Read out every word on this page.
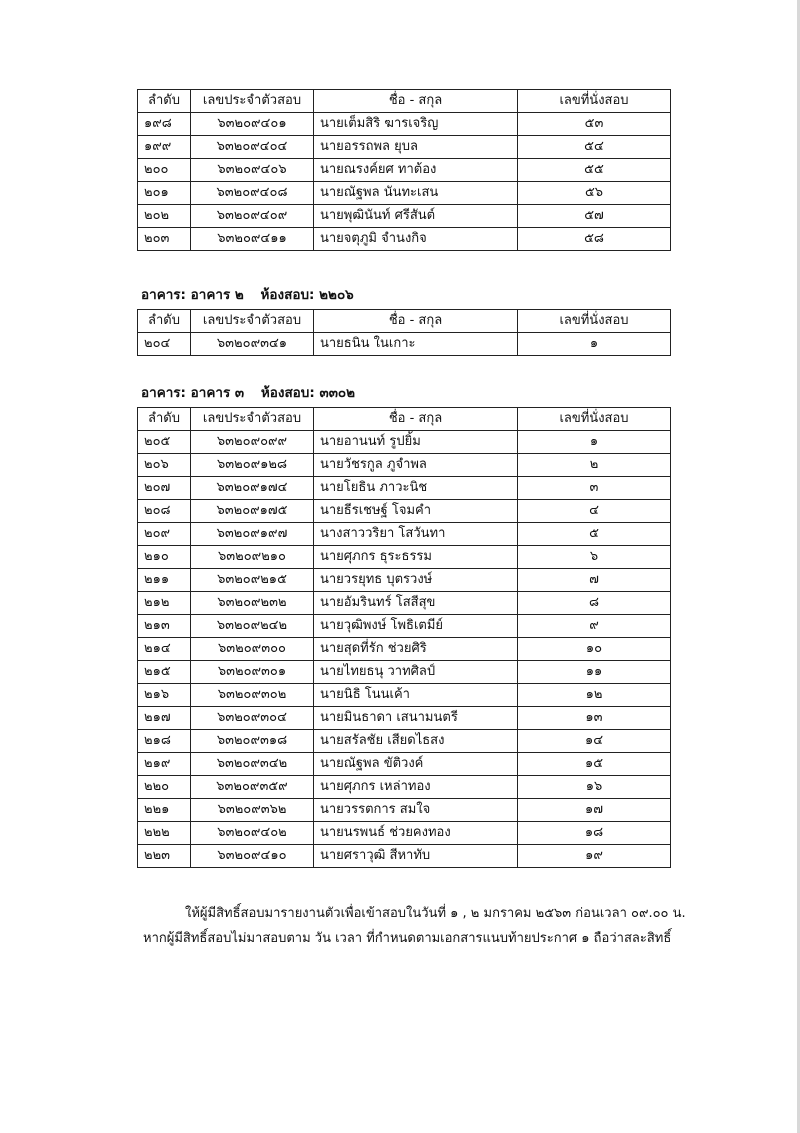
ลำดับ	เลขประจำตัวสอบ	ชื่อ - สกุล	เลขที่นั่งสอบ
๑๙๘	๖๓๒๐๙๔๐๑	นายเต็มสิริ ฆารเจริญ	๕๓
๑๙๙	๖๓๒๐๙๔๐๔	นายอรรถพล ยุบล	๕๔
๒๐๐	๖๓๒๐๙๔๐๖	นายณรงค์ยศ ทาต้อง	๕๕
๒๐๑	๖๓๒๐๙๔๐๘	นายณัฐพล นันทะเสน	๕๖
๒๐๒	๖๓๒๐๙๔๐๙	นายพุฒินันท์ ศรีสันต์	๕๗
๒๐๓	๖๓๒๐๙๔๑๑	นายจตุภูมิ จำนงกิจ	๕๘
อาคาร: อาคาร ๒ ห้องสอบ: ๒๒๐๖
ลำดับ	เลขประจำตัวสอบ	ชื่อ - สกุล	เลขที่นั่งสอบ
๒๐๔	๖๓๒๐๙๓๔๑	นายธนิน ในเกาะ	๑
อาคาร: อาคาร ๓ ห้องสอบ: ๓๓๐๒
ลำดับ	เลขประจำตัวสอบ	ชื่อ - สกุล	เลขที่นั่งสอบ
๒๐๕	๖๓๒๐๙๐๙๙	นายอานนท์ รูปยิ้ม	๑
๒๐๖	๖๓๒๐๙๑๒๘	นายวัชรกูล ภูจำพล	๒
๒๐๗	๖๓๒๐๙๑๗๔	นายโยธิน ภาวะนิช	๓
๒๐๘	๖๓๒๐๙๑๗๕	นายธีรเชษฐ์ โจมคำ	๔
๒๐๙	๖๓๒๐๙๑๙๗	นางสาววริยา โสวันทา	๕
๒๑๐	๖๓๒๐๙๒๑๐	นายศุภกร ธุระธรรม	๖
๒๑๑	๖๓๒๐๙๒๑๕	นายวรยุทธ บุตรวงษ์	๗
๒๑๒	๖๓๒๐๙๒๓๒	นายอัมรินทร์ โสสีสุข	๘
๒๑๓	๖๓๒๐๙๒๔๒	นายวุฒิพงษ์ โพธิเตมีย์	๙
๒๑๔	๖๓๒๐๙๓๐๐	นายสุดที่รัก ช่วยศิริ	๑๐
๒๑๕	๖๓๒๐๙๓๐๑	นายไทยธนุ วาทศิลป์	๑๑
๒๑๖	๖๓๒๐๙๓๐๒	นายนิธิ โนนเค้า	๑๒
๒๑๗	๖๓๒๐๙๓๐๔	นายมินธาดา เสนามนตรี	๑๓
๒๑๘	๖๓๒๐๙๓๑๘	นายสรัลชัย เสียดไธสง	๑๔
๒๑๙	๖๓๒๐๙๓๔๒	นายณัฐพล ขัติวงค์	๑๕
๒๒๐	๖๓๒๐๙๓๕๙	นายศุภกร เหล่าทอง	๑๖
๒๒๑	๖๓๒๐๙๓๖๒	นายวรรตการ สมใจ	๑๗
๒๒๒	๖๓๒๐๙๔๐๒	นายนรพนธ์ ช่วยคงทอง	๑๘
๒๒๓	๖๓๒๐๙๔๑๐	นายศราวุฒิ สีหาทับ	๑๙
ให้ผู้มีสิทธิ์สอบมารายงานตัวเพื่อเข้าสอบในวันที่ ๑ , ๒ มกราคม ๒๕๖๓ ก่อนเวลา ๐๙.๐๐ น.
หากผู้มีสิทธิ์สอบไม่มาสอบตาม วัน เวลา ที่กำหนดตามเอกสารแนบท้ายประกาศ ๑ ถือว่าสละสิทธิ์
